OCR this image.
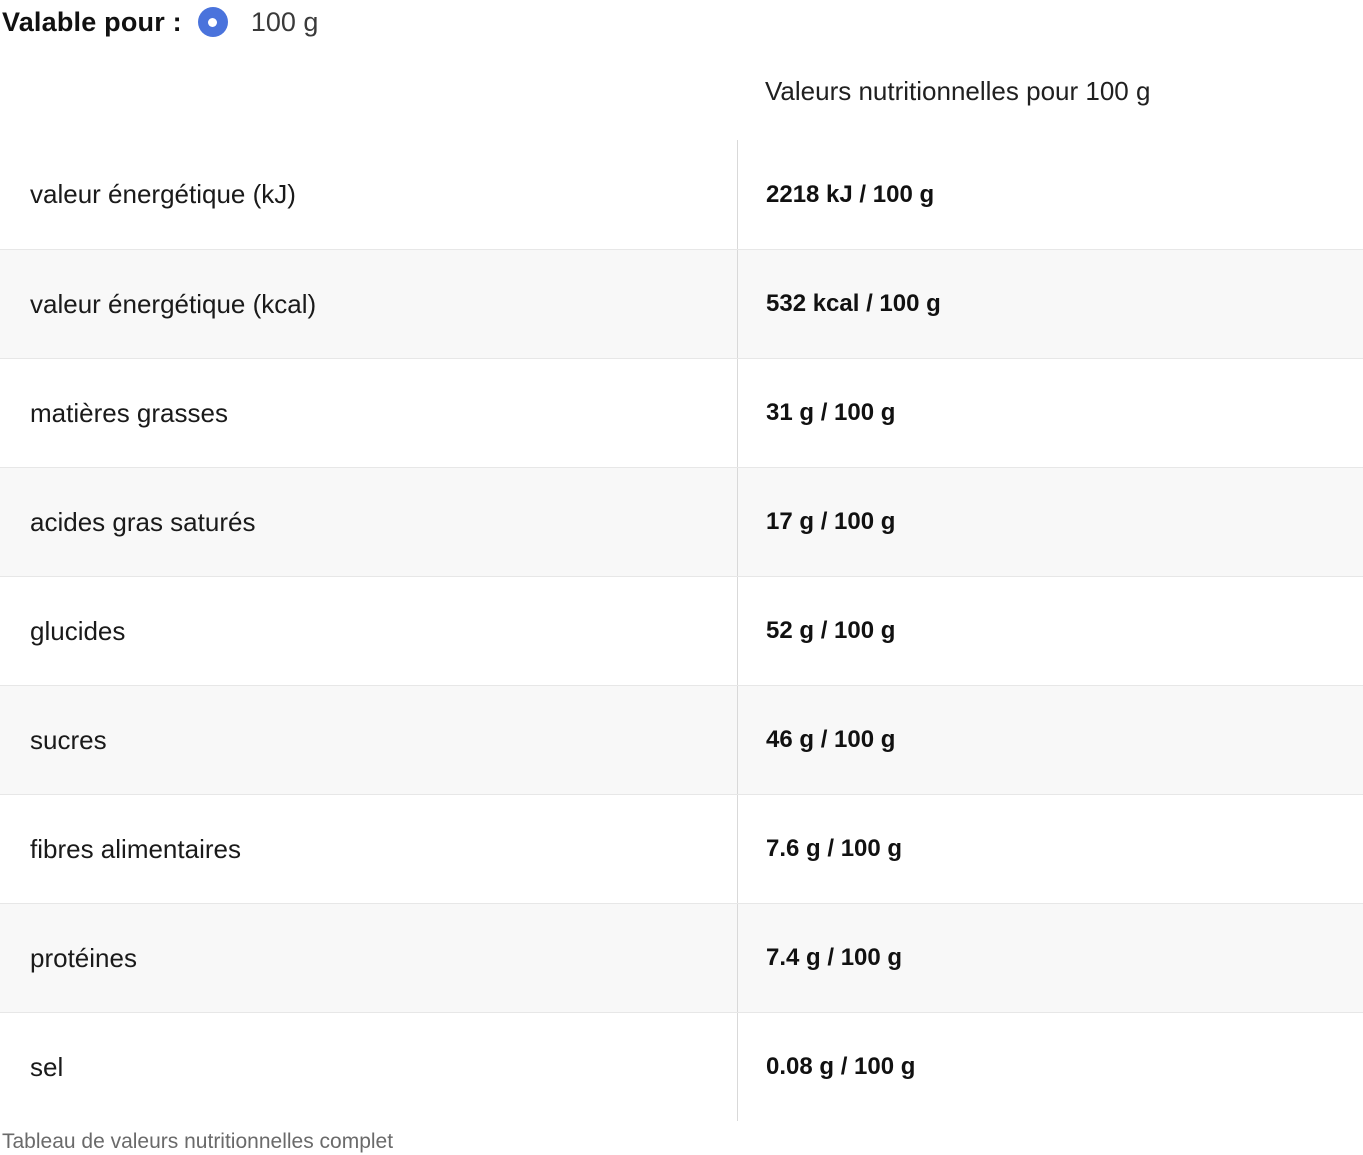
Valable pour :	100 g
Valeurs nutritionnelles pour 100 g
valeur énergétique (kJ)	2218 kJ / 100 g
valeur énergétique (kcal)	532 kcal / 100 g
matières grasses	31 g / 100 g
acides gras saturés	17 g / 100 g
glucides	52 g / 100 g
sucres	46 g / 100 g
fibres alimentaires	7.6 g / 100 g
protéines	7.4 g / 100 g
sel	0.08 g / 100 g
Tableau de valeurs nutritionnelles complet
